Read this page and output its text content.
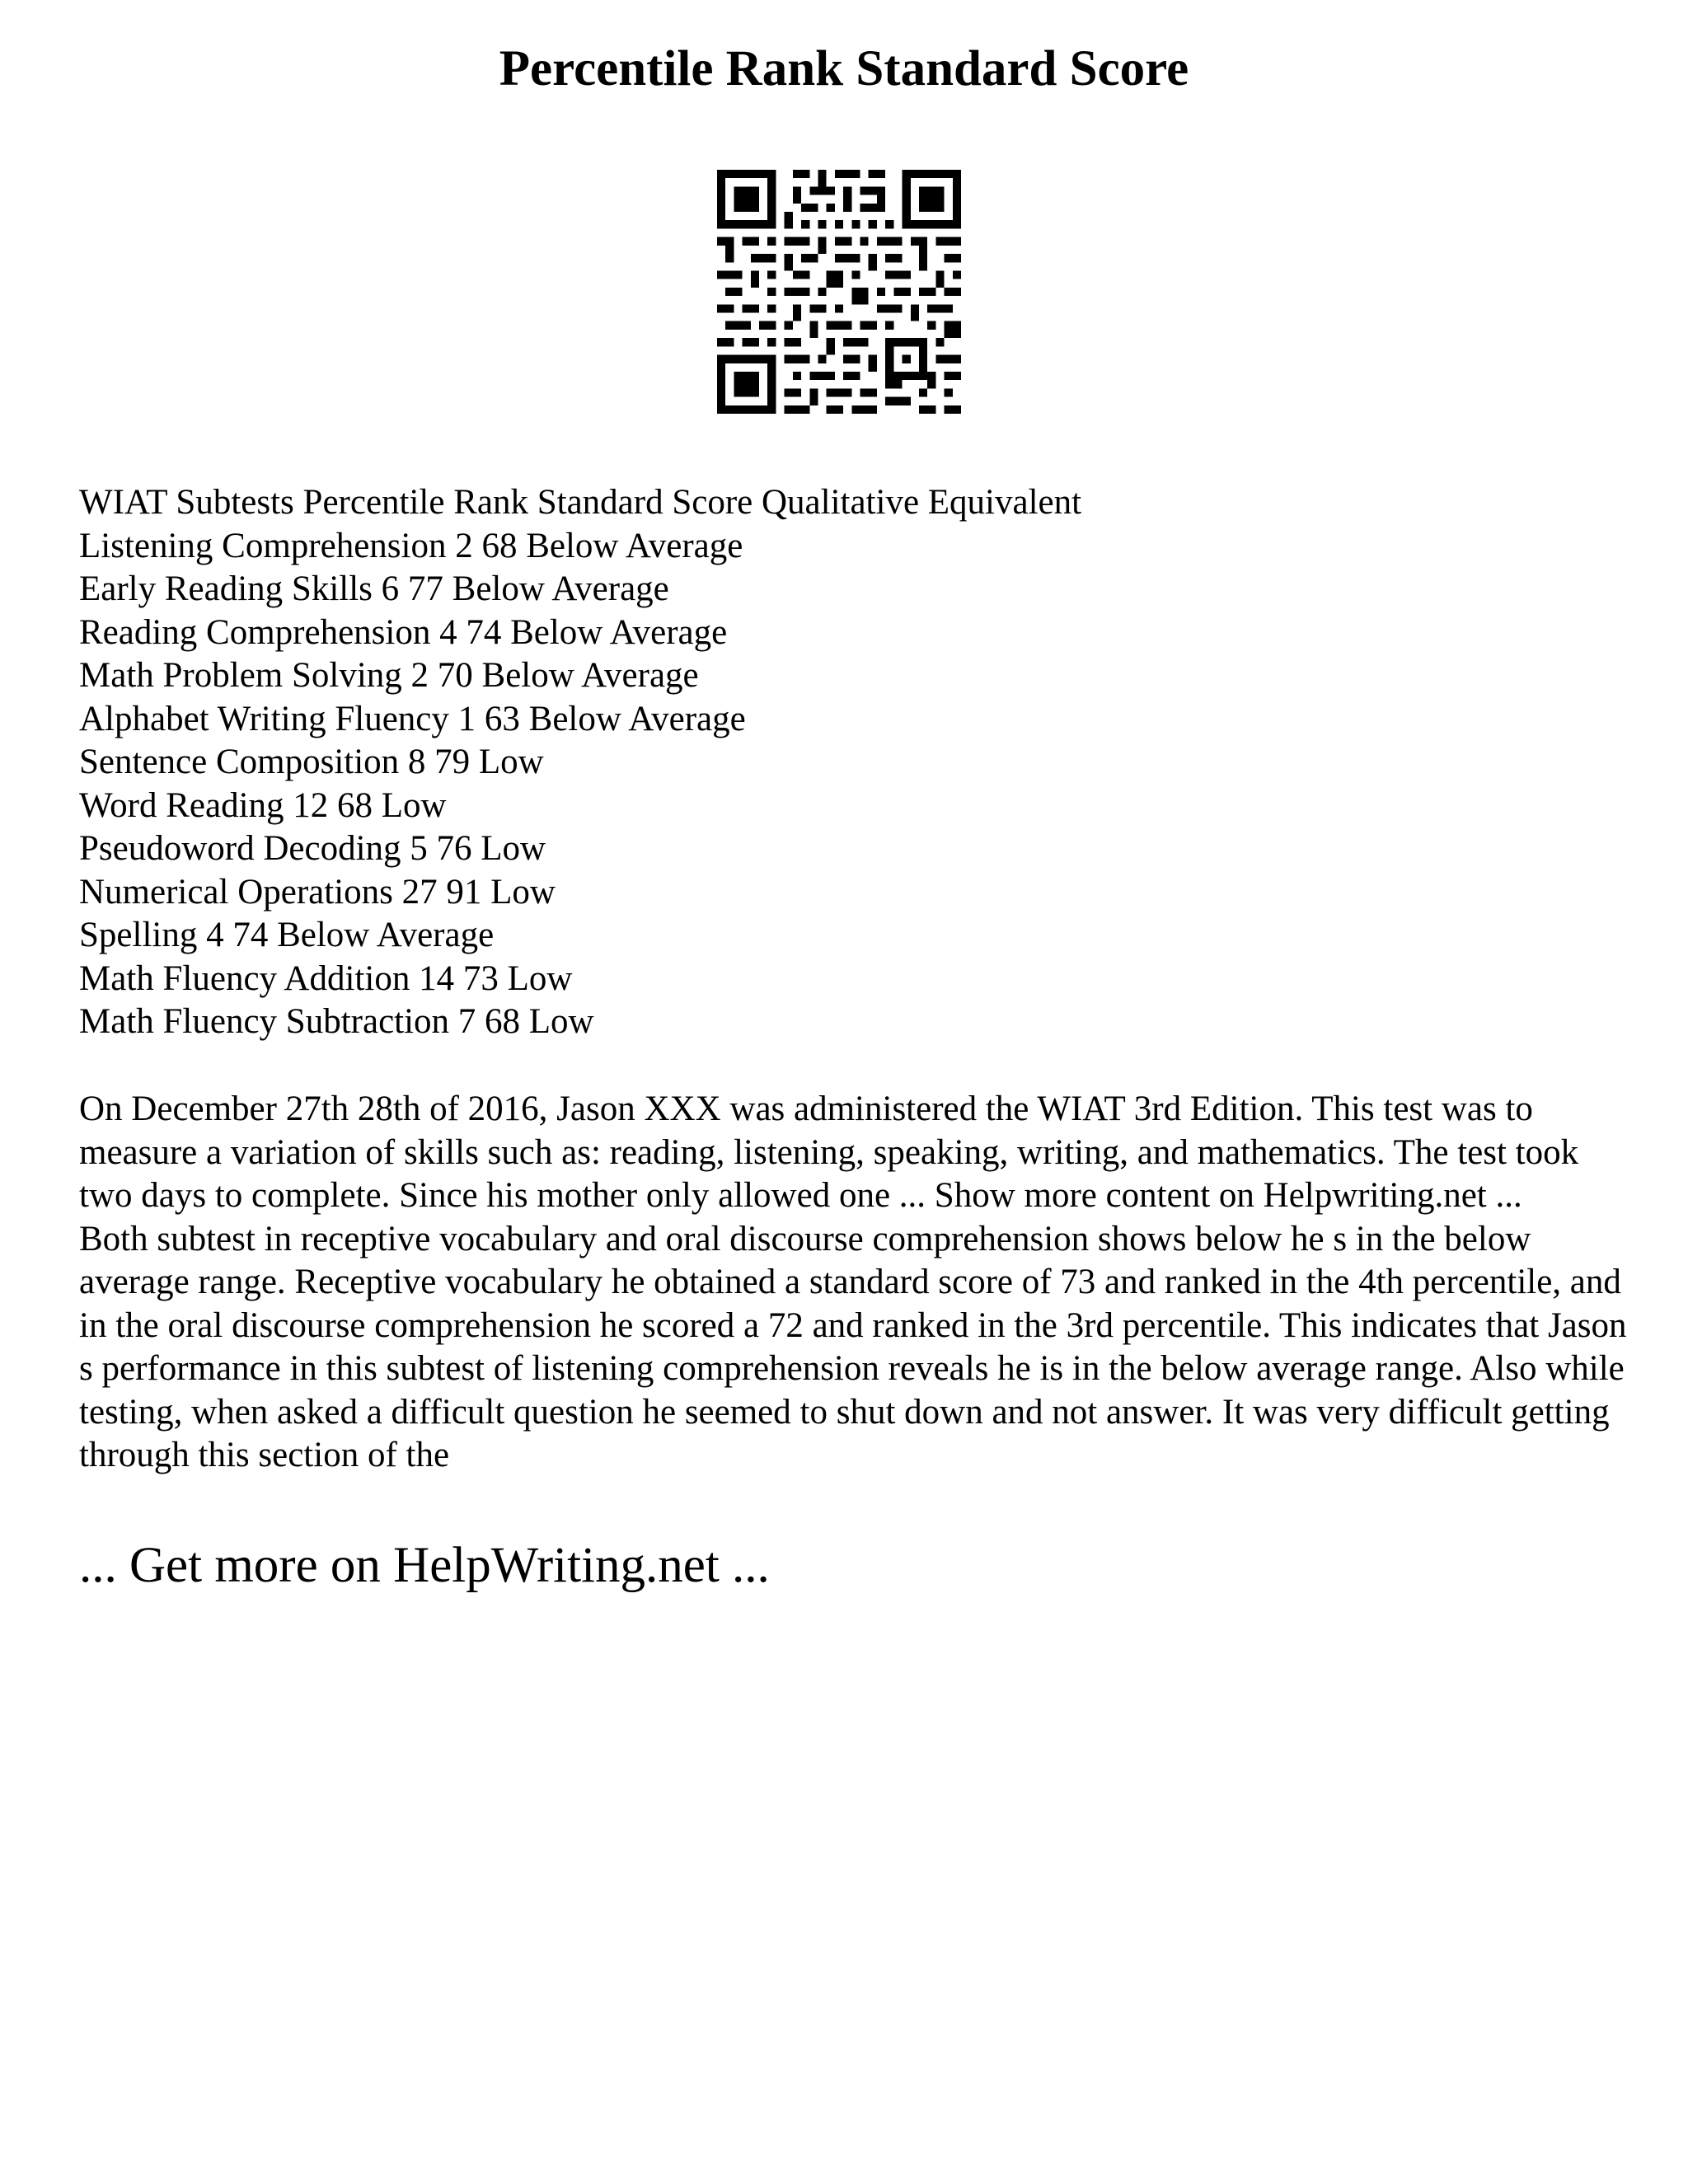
Percentile Rank Standard Score
WIAT Subtests Percentile Rank Standard Score Qualitative Equivalent
Listening Comprehension 2 68 Below Average
Early Reading Skills 6 77 Below Average
Reading Comprehension 4 74 Below Average
Math Problem Solving 2 70 Below Average
Alphabet Writing Fluency 1 63 Below Average
Sentence Composition 8 79 Low
Word Reading 12 68 Low
Pseudoword Decoding 5 76 Low
Numerical Operations 27 91 Low
Spelling 4 74 Below Average
Math Fluency Addition 14 73 Low
Math Fluency Subtraction 7 68 Low

On December 27th 28th of 2016, Jason XXX was administered the WIAT 3rd Edition. This test was to measure a variation of skills such as: reading, listening, speaking, writing, and mathematics. The test took two days to complete. Since his mother only allowed one ... Show more content on Helpwriting.net ...

Both subtest in receptive vocabulary and oral discourse comprehension shows below he s in the below average range. Receptive vocabulary he obtained a standard score of 73 and ranked in the 4th percentile, and in the oral discourse comprehension he scored a 72 and ranked in the 3rd percentile. This indicates that Jason s performance in this subtest of listening comprehension reveals he is in the below average range. Also while testing, when asked a difficult question he seemed to shut down and not answer. It was very difficult getting through this section of the

... Get more on HelpWriting.net ...
